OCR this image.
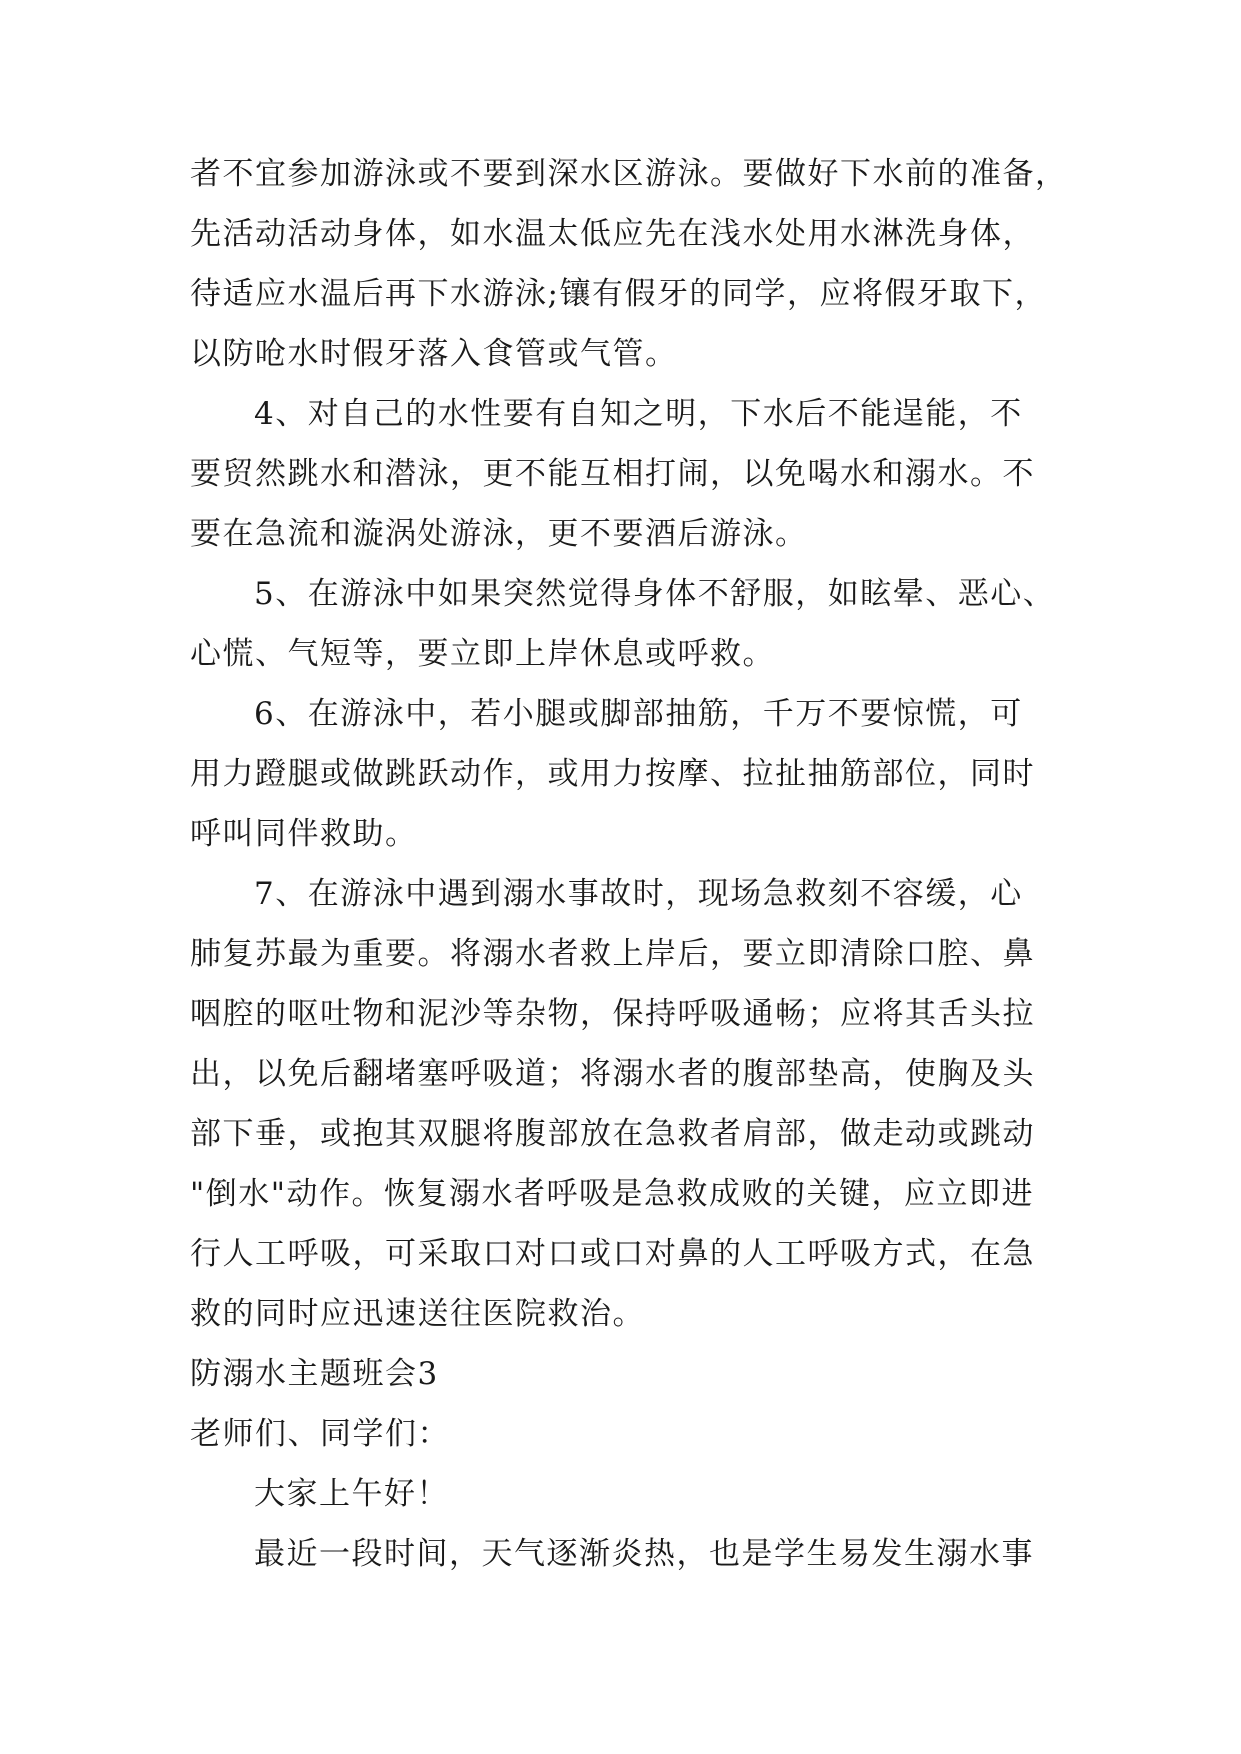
者不宜参加游泳或不要到深水区游泳。要做好下水前的准备，
先活动活动身体，如水温太低应先在浅水处用水淋洗身体，
待适应水温后再下水游泳;镶有假牙的同学，应将假牙取下，
以防呛水时假牙落入食管或气管。
4、对自己的水性要有自知之明，下水后不能逞能，不
要贸然跳水和潜泳，更不能互相打闹，以免喝水和溺水。不
要在急流和漩涡处游泳，更不要酒后游泳。
5、在游泳中如果突然觉得身体不舒服，如眩晕、恶心、
心慌、气短等，要立即上岸休息或呼救。
6、在游泳中，若小腿或脚部抽筋，千万不要惊慌，可
用力蹬腿或做跳跃动作，或用力按摩、拉扯抽筋部位，同时
呼叫同伴救助。
7、在游泳中遇到溺水事故时，现场急救刻不容缓，心
肺复苏最为重要。将溺水者救上岸后，要立即清除口腔、鼻
咽腔的呕吐物和泥沙等杂物，保持呼吸通畅；应将其舌头拉
出，以免后翻堵塞呼吸道；将溺水者的腹部垫高，使胸及头
部下垂，或抱其双腿将腹部放在急救者肩部，做走动或跳动
"倒水"动作。恢复溺水者呼吸是急救成败的关键，应立即进
行人工呼吸，可采取口对口或口对鼻的人工呼吸方式，在急
救的同时应迅速送往医院救治。
防溺水主题班会3
老师们、同学们：
大家上午好！
最近一段时间，天气逐渐炎热，也是学生易发生溺水事
